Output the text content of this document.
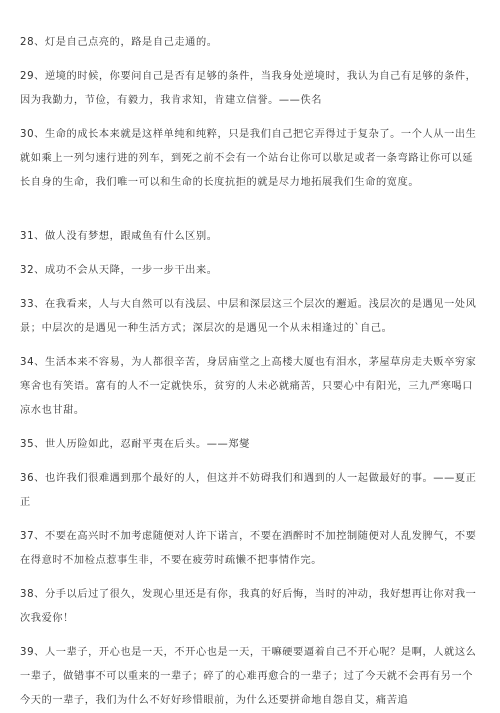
28、灯是自己点亮的，路是自己走通的。

29、逆境的时候，你要问自己是否有足够的条件，当我身处逆境时，我认为自己有足够的条件，因为我勤力，节俭，有毅力，我肯求知，肯建立信誉。——佚名

30、生命的成长本来就是这样单纯和纯粹，只是我们自己把它弄得过于复杂了。一个人从一出生就如乘上一列匀速行进的列车，到死之前不会有一个站台让你可以歇足或者一条弯路让你可以延长自身的生命，我们唯一可以和生命的长度抗拒的就是尽力地拓展我们生命的宽度。

31、做人没有梦想，跟咸鱼有什么区别。

32、成功不会从天降，一步一步干出来。

33、在我看来，人与大自然可以有浅层、中层和深层这三个层次的邂逅。浅层次的是遇见一处风景；中层次的是遇见一种生活方式；深层次的是遇见一个从未相逢过的`自己。

34、生活本来不容易，为人都很辛苦，身居庙堂之上高楼大厦也有泪水，茅屋草房走夫贩卒穷家寒舍也有笑语。富有的人不一定就快乐，贫穷的人未必就痛苦，只要心中有阳光，三九严寒喝口凉水也甘甜。

35、世人历险如此，忍耐平夷在后头。——郑燮

36、也许我们很难遇到那个最好的人，但这并不妨碍我们和遇到的人一起做最好的事。——夏正正

37、不要在高兴时不加考虑随便对人许下诺言，不要在酒醉时不加控制随便对人乱发脾气，不要在得意时不加检点惹事生非，不要在疲劳时疏懒不把事情作完。

38、分手以后过了很久，发现心里还是有你，我真的好后悔，当时的冲动，我好想再让你对我一次我爱你！

39、人一辈子，开心也是一天，不开心也是一天，干嘛硬要逼着自己不开心呢？是啊，人就这么一辈子，做错事不可以重来的一辈子；碎了的心难再愈合的一辈子；过了今天就不会再有另一个今天的一辈子，我们为什么不好好珍惜眼前，为什么还要拼命地自怨自艾，痛苦追
